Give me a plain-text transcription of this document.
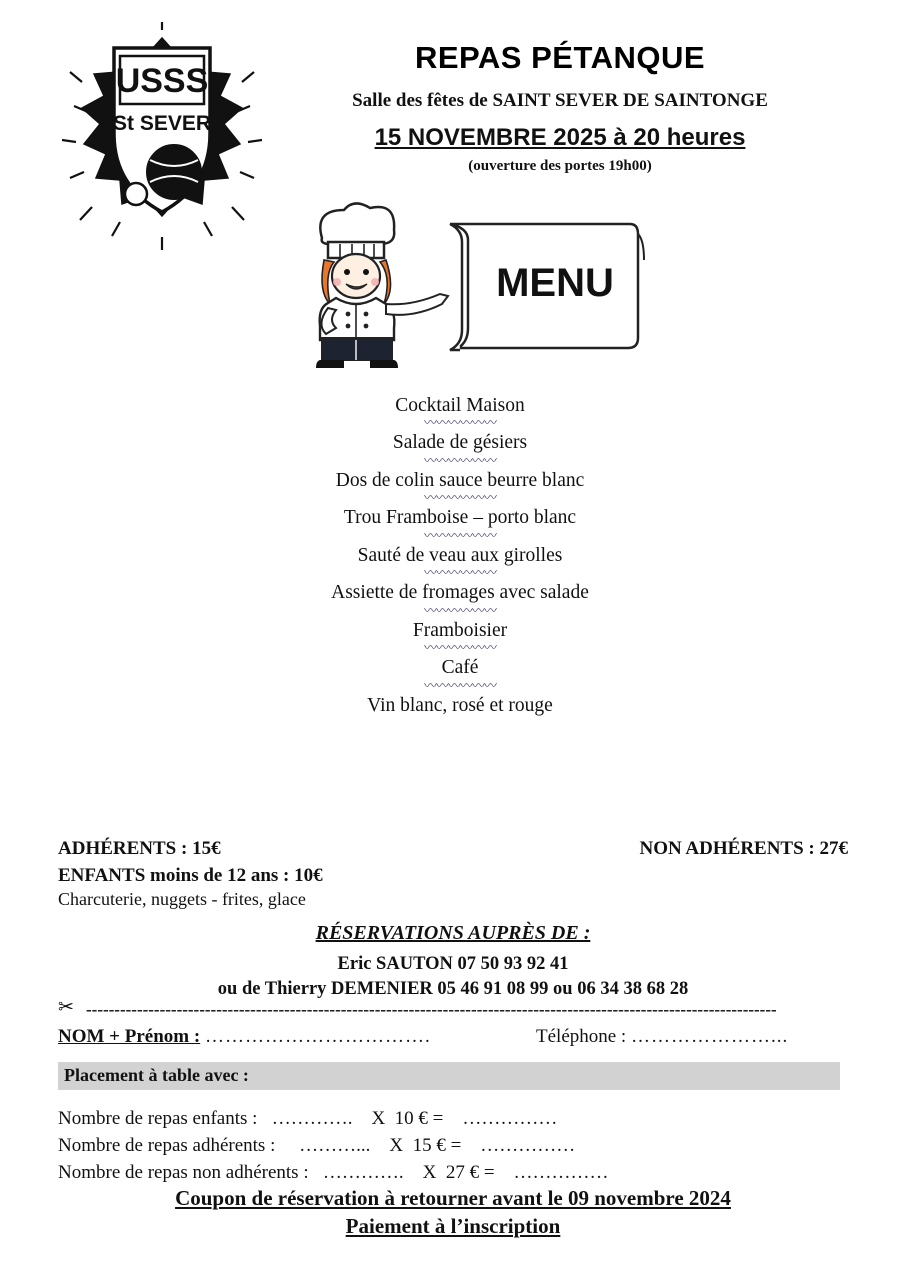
USSS
St SEVER
REPAS PÉTANQUE
Salle des fêtes de SAINT SEVER DE SAINTONGE
15 NOVEMBRE 2025 à 20 heures
(ouverture des portes 19h00)
MENU
Cocktail Maison
〰〰〰〰〰〰
Salade de gésiers
〰〰〰〰〰〰
Dos de colin sauce beurre blanc
〰〰〰〰〰〰
Trou Framboise – porto blanc
〰〰〰〰〰〰
Sauté de veau aux girolles
〰〰〰〰〰〰
Assiette de fromages avec salade
〰〰〰〰〰〰
Framboisier
〰〰〰〰〰〰
Café
〰〰〰〰〰〰
Vin blanc, rosé et rouge
ADHÉRENTS : 15€	NON ADHÉRENTS : 27€
ENFANTS moins de 12 ans : 10€
Charcuterie, nuggets - frites, glace
RÉSERVATIONS AUPRÈS DE :
Eric SAUTON 07 50 93 92 41
ou de Thierry DEMENIER 05 46 91 08 99 ou 06 34 38 68 28
✂ --------------------------------------------------------------------------------------------------------------------------
NOM + Prénom : …………………………….	Téléphone : …………………...
Placement à table avec :
Nombre de repas enfants : …………. X  10 € = ……………
Nombre de repas adhérents : ………... X  15 € = ……………
Nombre de repas non adhérents : …………. X  27 € = ……………
Coupon de réservation à retourner avant le 09 novembre 2024
Paiement à l’inscription
